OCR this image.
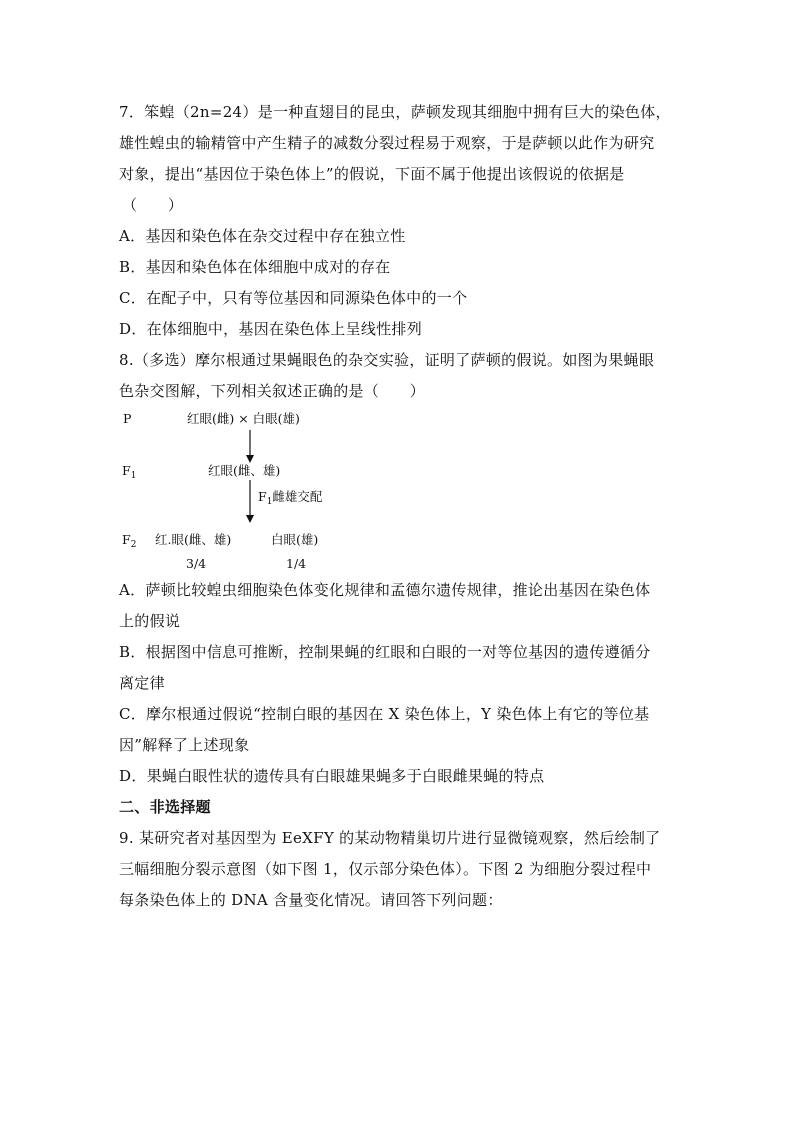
7．笨蝗（2n=24）是一种直翅目的昆虫，萨顿发现其细胞中拥有巨大的染色体，
雄性蝗虫的输精管中产生精子的减数分裂过程易于观察，于是萨顿以此作为研究
对象，提出“基因位于染色体上”的假说，下面不属于他提出该假说的依据是
（　　）
A．基因和染色体在杂交过程中存在独立性
B．基因和染色体在体细胞中成对的存在
C．在配子中，只有等位基因和同源染色体中的一个
D．在体细胞中，基因在染色体上呈线性排列
8.（多选）摩尔根通过果蝇眼色的杂交实验，证明了萨顿的假说。如图为果蝇眼
色杂交图解，下列相关叙述正确的是（　　）
P	红眼(雌) × 白眼(雄)
$F_1$	红眼(雌、雄)
$F_1$雌雄交配
$F_2$ 红.眼(雌、雄)	白眼(雄)
3/4	1/4
A．萨顿比较蝗虫细胞染色体变化规律和孟德尔遗传规律，推论出基因在染色体
上的假说
B．根据图中信息可推断，控制果蝇的红眼和白眼的一对等位基因的遗传遵循分
离定律
C．摩尔根通过假说“控制白眼的基因在 X 染色体上，Y 染色体上有它的等位基
因”解释了上述现象
D．果蝇白眼性状的遗传具有白眼雄果蝇多于白眼雌果蝇的特点
二、非选择题
9. 某研究者对基因型为 EeXFY 的某动物精巢切片进行显微镜观察，然后绘制了
三幅细胞分裂示意图（如下图 1，仅示部分染色体）。下图 2 为细胞分裂过程中
每条染色体上的 DNA 含量变化情况。请回答下列问题：
